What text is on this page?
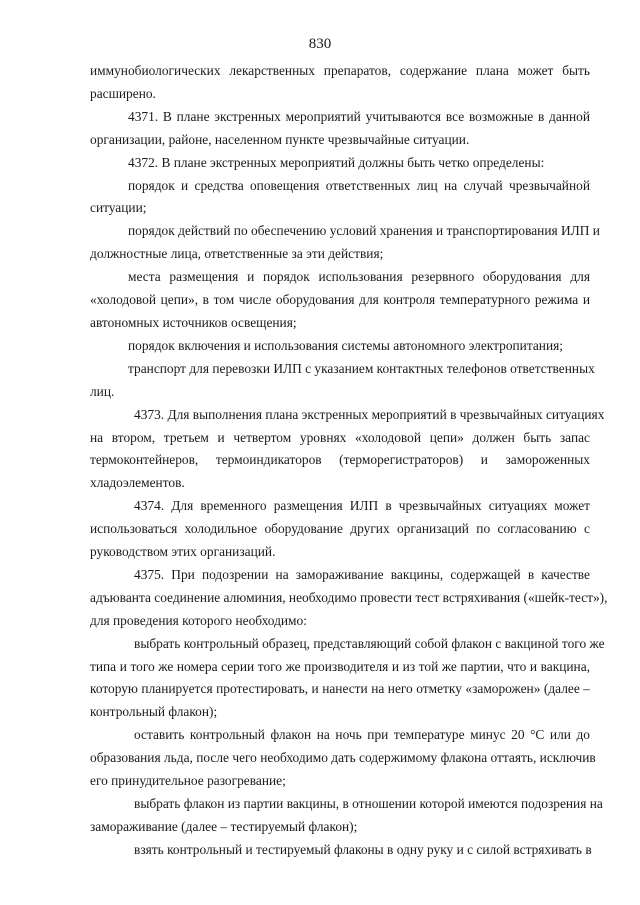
830
иммунобиологических лекарственных препаратов, содержание плана может быть
расширено.
4371. В плане экстренных мероприятий учитываются все возможные в данной
организации, районе, населенном пункте чрезвычайные ситуации.
4372. В плане экстренных мероприятий должны быть четко определены:
порядок и средства оповещения ответственных лиц на случай чрезвычайной
ситуации;
порядок действий по обеспечению условий хранения и транспортирования ИЛП и
должностные лица, ответственные за эти действия;
места размещения и порядок использования резервного оборудования для
«холодовой цепи», в том числе оборудования для контроля температурного режима и
автономных источников освещения;
порядок включения и использования системы автономного электропитания;
транспорт для перевозки ИЛП с указанием контактных телефонов ответственных
лиц.
4373. Для выполнения плана экстренных мероприятий в чрезвычайных ситуациях
на втором, третьем и четвертом уровнях «холодовой цепи» должен быть запас
термоконтейнеров, термоиндикаторов (терморегистраторов) и замороженных
хладоэлементов.
4374. Для временного размещения ИЛП в чрезвычайных ситуациях может
использоваться холодильное оборудование других организаций по согласованию с
руководством этих организаций.
4375. При подозрении на замораживание вакцины, содержащей в качестве
адъюванта соединение алюминия, необходимо провести тест встряхивания («шейк-тест»),
для проведения которого необходимо:
выбрать контрольный образец, представляющий собой флакон с вакциной того же
типа и того же номера серии того же производителя и из той же партии, что и вакцина,
которую планируется протестировать, и нанести на него отметку «заморожен» (далее –
контрольный флакон);
оставить контрольный флакон на ночь при температуре минус 20 °С или до
образования льда, после чего необходимо дать содержимому флакона оттаять, исключив
его принудительное разогревание;
выбрать флакон из партии вакцины, в отношении которой имеются подозрения на
замораживание (далее – тестируемый флакон);
взять контрольный и тестируемый флаконы в одну руку и с силой встряхивать в
